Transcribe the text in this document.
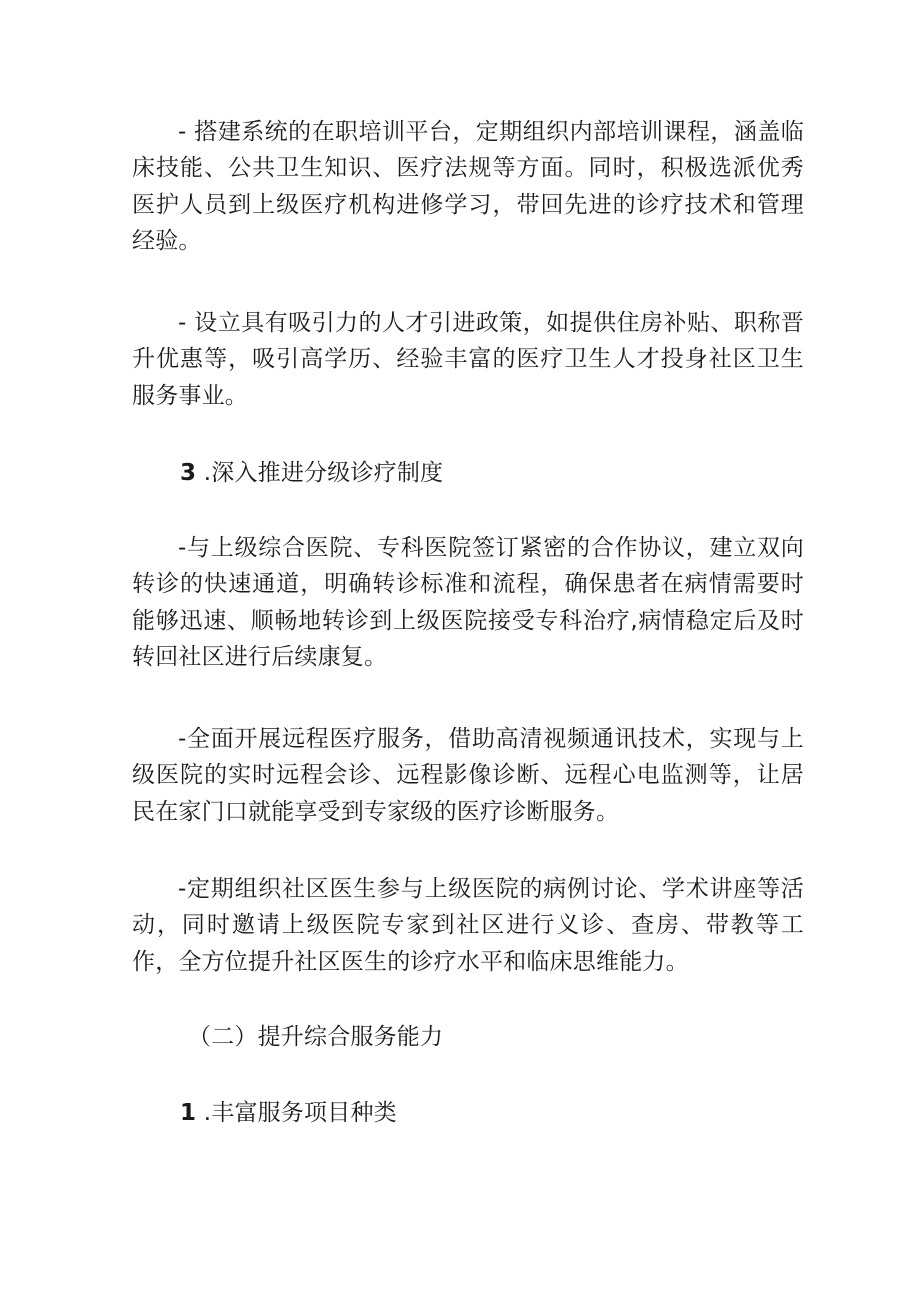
- 搭建系统的在职培训平台，定期组织内部培训课程，涵盖临床技能、公共卫生知识、医疗法规等方面。同时，积极选派优秀医护人员到上级医疗机构进修学习，带回先进的诊疗技术和管理经验。

- 设立具有吸引力的人才引进政策，如提供住房补贴、职称晋升优惠等，吸引高学历、经验丰富的医疗卫生人才投身社区卫生服务事业。

3 .深入推进分级诊疗制度

-与上级综合医院、专科医院签订紧密的合作协议，建立双向转诊的快速通道，明确转诊标准和流程，确保患者在病情需要时能够迅速、顺畅地转诊到上级医院接受专科治疗,病情稳定后及时转回社区进行后续康复。

-全面开展远程医疗服务，借助高清视频通讯技术，实现与上级医院的实时远程会诊、远程影像诊断、远程心电监测等，让居民在家门口就能享受到专家级的医疗诊断服务。

-定期组织社区医生参与上级医院的病例讨论、学术讲座等活动，同时邀请上级医院专家到社区进行义诊、查房、带教等工作，全方位提升社区医生的诊疗水平和临床思维能力。

（二）提升综合服务能力
1 .丰富服务项目种类
